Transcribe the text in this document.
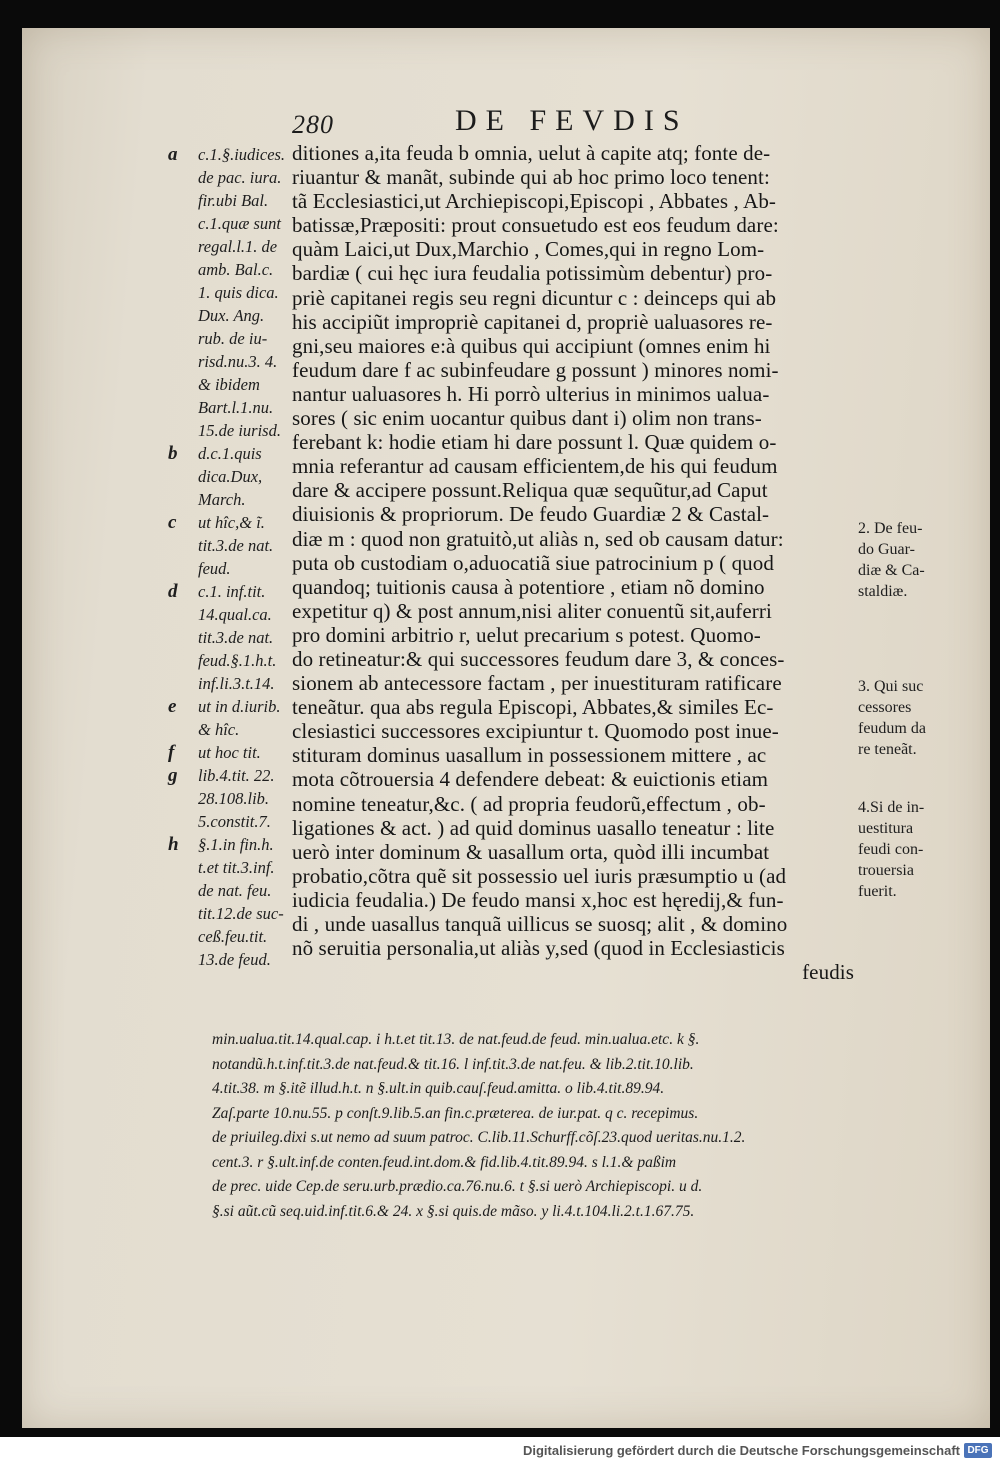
280	DE FEVDIS
a	c.1.§.iudices.
de pac. iura.
fir.ubi Bal.
c.1.quæ sunt
regal.l.1. de
amb. Bal.c.
1. quis dica.
Dux. Ang.
rub. de iu-
risd.nu.3. 4.
& ibidem
Bart.l.1.nu.
15.de iurisd.
b	d.c.1.quis
dica.Dux,
March.
c	ut hîc,& ĩ.
tit.3.de nat.
feud.
d	c.1. inf.tit.
14.qual.ca.
tit.3.de nat.
feud.§.1.h.t.
inf.li.3.t.14.
e	ut in d.iurib.
& hîc.
f	ut hoc tit.
g	lib.4.tit. 22.
28.108.lib.
5.constit.7.
h	§.1.in fin.h.
t.et tit.3.inf.
de nat. feu.
tit.12.de suc-
ceß.feu.tit.
13.de feud.
ditiones a,ita feuda b omnia, uelut à capite atq; fonte de-
riuantur & manãt, subinde qui ab hoc primo loco tenent:
tã Ecclesiastici,ut Archiepiscopi,Episcopi , Abbates , Ab-
batissæ,Præpositi: prout consuetudo est eos feudum dare:
quàm Laici,ut Dux,Marchio , Comes,qui in regno Lom-
bardiæ ( cui hęc iura feudalia potissimùm debentur) pro-
priè capitanei regis seu regni dicuntur c : deinceps qui ab
his accipiũt impropriè capitanei d, propriè ualuasores re-
gni,seu maiores e:à quibus qui accipiunt (omnes enim hi
feudum dare f ac subinfeudare g possunt ) minores nomi-
nantur ualuasores h. Hi porrò ulterius in minimos ualua-
sores ( sic enim uocantur quibus dant i) olim non trans-
ferebant k: hodie etiam hi dare possunt l. Quæ quidem o-
mnia referantur ad causam efficientem,de his qui feudum
dare & accipere possunt.Reliqua quæ sequũtur,ad Caput
diuisionis & propriorum. De feudo Guardiæ 2 & Castal-
diæ m : quod non gratuitò,ut aliàs n, sed ob causam datur:
puta ob custodiam o,aduocatiã siue patrocinium p ( quod
quandoq; tuitionis causa à potentiore , etiam nõ domino
expetitur q) & post annum,nisi aliter conuentũ sit,auferri
pro domini arbitrio r, uelut precarium s potest. Quomo-
do retineatur:& qui successores feudum dare 3, & conces-
sionem ab antecessore factam , per inuestituram ratificare
teneãtur. qua abs regula Episcopi, Abbates,& similes Ec-
clesiastici successores excipiuntur t. Quomodo post inue-
stituram dominus uasallum in possessionem mittere , ac
mota cõtrouersia 4 defendere debeat: & euictionis etiam
nomine teneatur,&c. ( ad propria feudorũ,effectum , ob-
ligationes & act. ) ad quid dominus uasallo teneatur : lite
uerò inter dominum & uasallum orta, quòd illi incumbat
probatio,cõtra quẽ sit possessio uel iuris præsumptio u (ad
iudicia feudalia.) De feudo mansi x,hoc est hęredij,& fun-
di , unde uasallus tanquã uillicus se suosq; alit , & domino
nõ seruitia personalia,ut aliàs y,sed (quod in Ecclesiasticis
feudis
2. De feu-
do Guar-
diæ & Ca-
staldiæ.
3. Qui suc
cessores
feudum da
re teneãt.
4.Si de in-
uestitura
feudi con-
trouersia
fuerit.
min.ualua.tit.14.qual.cap. i h.t.et tit.13. de nat.feud.de feud. min.ualua.etc. k §.
notandũ.h.t.inf.tit.3.de nat.feud.& tit.16. l inf.tit.3.de nat.feu. & lib.2.tit.10.lib.
4.tit.38. m §.itẽ illud.h.t. n §.ult.in quib.cauſ.feud.amitta. o lib.4.tit.89.94.
Zaſ.parte 10.nu.55. p conſt.9.lib.5.an fin.c.præterea. de iur.pat. q c. recepimus.
de priuileg.dixi s.ut nemo ad suum patroc. C.lib.11.Schurff.cõſ.23.quod ueritas.nu.1.2.
cent.3. r §.ult.inf.de conten.feud.int.dom.& fid.lib.4.tit.89.94. s l.1.& paßim
de prec. uide Cep.de seru.urb.prædio.ca.76.nu.6. t §.si uerò Archiepiscopi. u d.
§.si aũt.cũ seq.uid.inf.tit.6.& 24. x §.si quis.de mãso. y li.4.t.104.li.2.t.1.67.75.
Digitalisierung gefördert durch die Deutsche Forschungsgemeinschaft DFG
